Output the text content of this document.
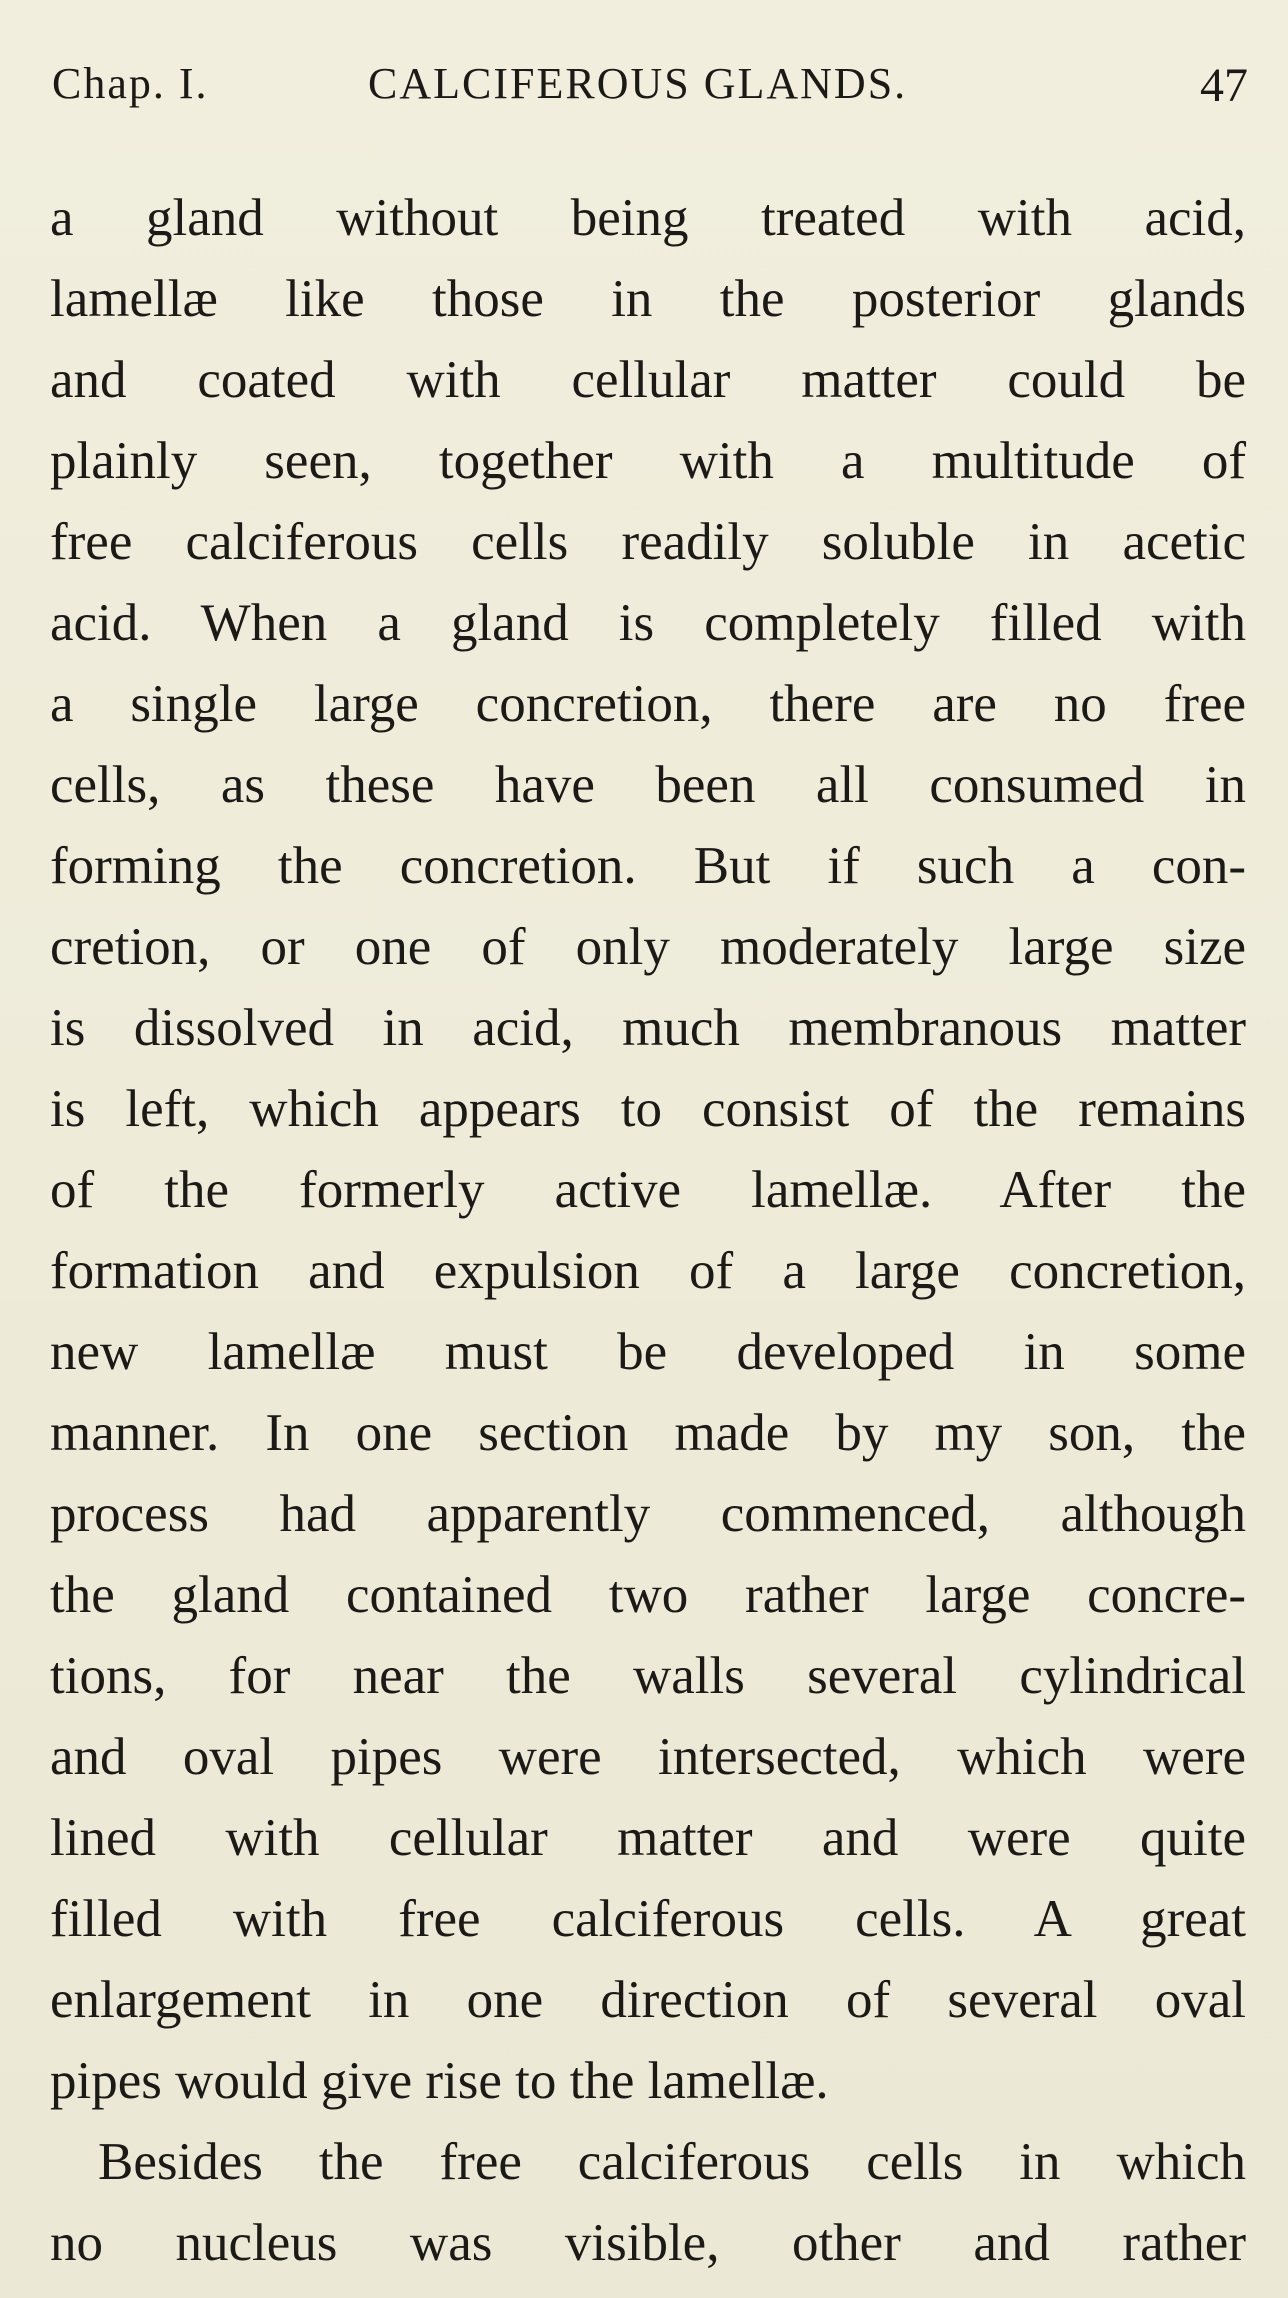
Chap. I.	CALCIFEROUS GLANDS.	47
a gland without being treated with acid,
lamellæ like those in the posterior glands
and coated with cellular matter could be
plainly seen, together with a multitude of
free calciferous cells readily soluble in acetic
acid. When a gland is completely filled with
a single large concretion, there are no free
cells, as these have been all consumed in
forming the concretion. But if such a con-
cretion, or one of only moderately large size
is dissolved in acid, much membranous matter
is left, which appears to consist of the remains
of the formerly active lamellæ. After the
formation and expulsion of a large concretion,
new lamellæ must be developed in some
manner. In one section made by my son, the
process had apparently commenced, although
the gland contained two rather large concre-
tions, for near the walls several cylindrical
and oval pipes were intersected, which were
lined with cellular matter and were quite
filled with free calciferous cells. A great
enlargement in one direction of several oval
pipes would give rise to the lamellæ.
Besides the free calciferous cells in which
no nucleus was visible, other and rather
